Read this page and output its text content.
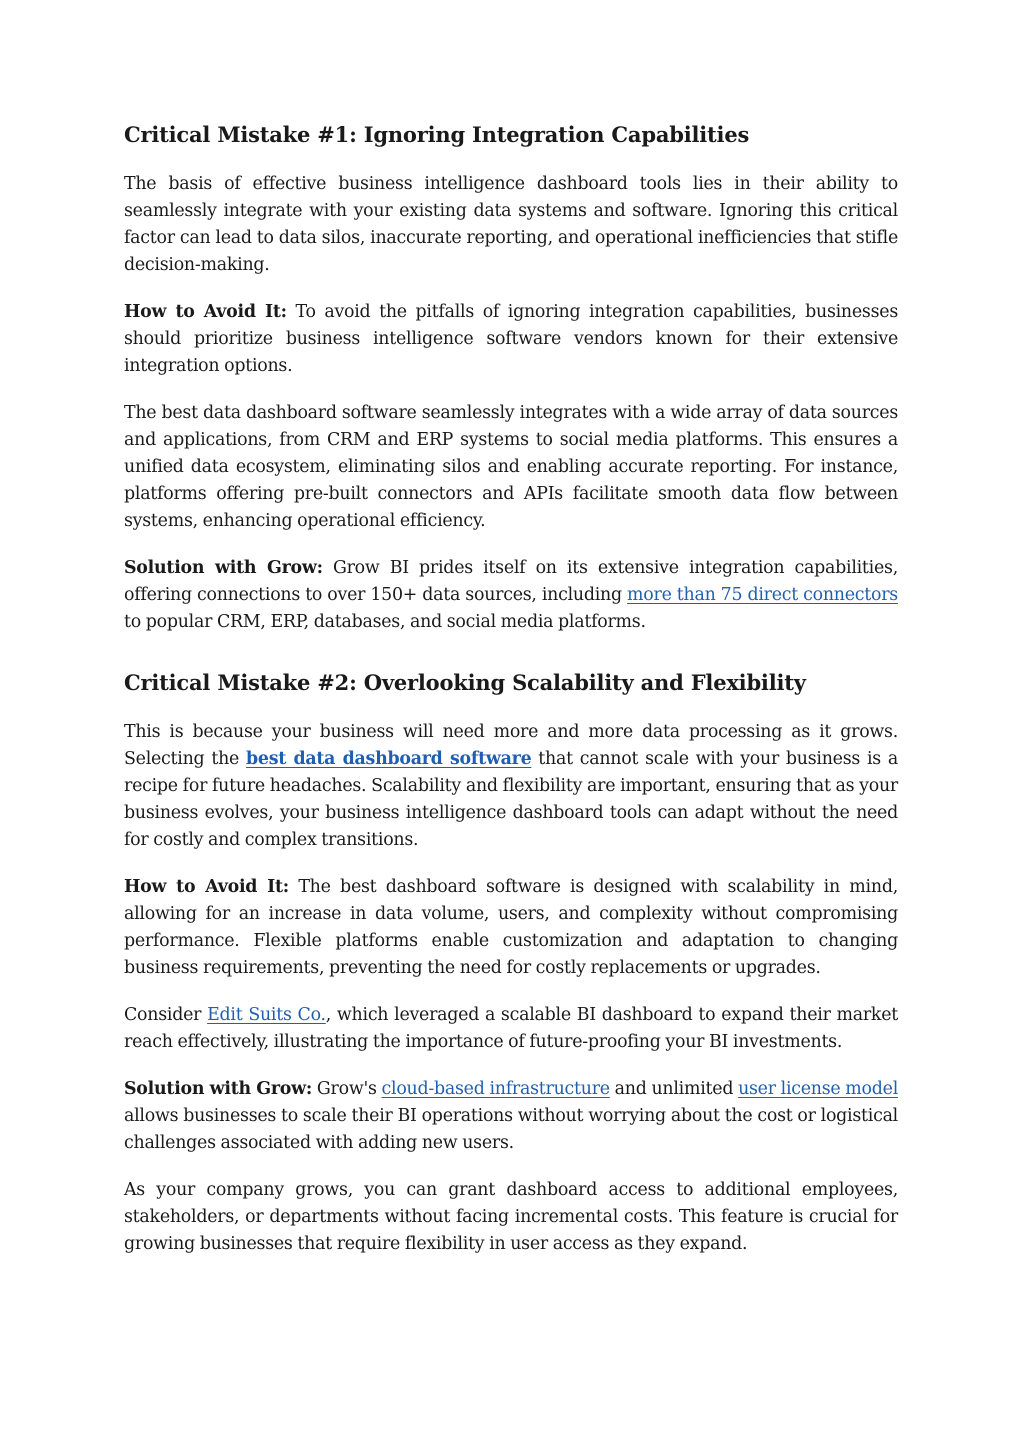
Critical Mistake #1: Ignoring Integration Capabilities

The basis of effective business intelligence dashboard tools lies in their ability to seamlessly integrate with your existing data systems and software. Ignoring this critical factor can lead to data silos, inaccurate reporting, and operational inefficiencies that stifle decision-making.

How to Avoid It: To avoid the pitfalls of ignoring integration capabilities, businesses should prioritize business intelligence software vendors known for their extensive integration options.

The best data dashboard software seamlessly integrates with a wide array of data sources and applications, from CRM and ERP systems to social media platforms. This ensures a unified data ecosystem, eliminating silos and enabling accurate reporting. For instance, platforms offering pre-built connectors and APIs facilitate smooth data flow between systems, enhancing operational efficiency.

Solution with Grow: Grow BI prides itself on its extensive integration capabilities, offering connections to over 150+ data sources, including more than 75 direct connectors to popular CRM, ERP, databases, and social media platforms.

Critical Mistake #2: Overlooking Scalability and Flexibility

This is because your business will need more and more data processing as it grows. Selecting the best data dashboard software that cannot scale with your business is a recipe for future headaches. Scalability and flexibility are important, ensuring that as your business evolves, your business intelligence dashboard tools can adapt without the need for costly and complex transitions.

How to Avoid It: The best dashboard software is designed with scalability in mind, allowing for an increase in data volume, users, and complexity without compromising performance. Flexible platforms enable customization and adaptation to changing business requirements, preventing the need for costly replacements or upgrades.

Consider Edit Suits Co., which leveraged a scalable BI dashboard to expand their market reach effectively, illustrating the importance of future-proofing your BI investments.

Solution with Grow: Grow's cloud-based infrastructure and unlimited user license model allows businesses to scale their BI operations without worrying about the cost or logistical challenges associated with adding new users.

As your company grows, you can grant dashboard access to additional employees, stakeholders, or departments without facing incremental costs. This feature is crucial for growing businesses that require flexibility in user access as they expand.
